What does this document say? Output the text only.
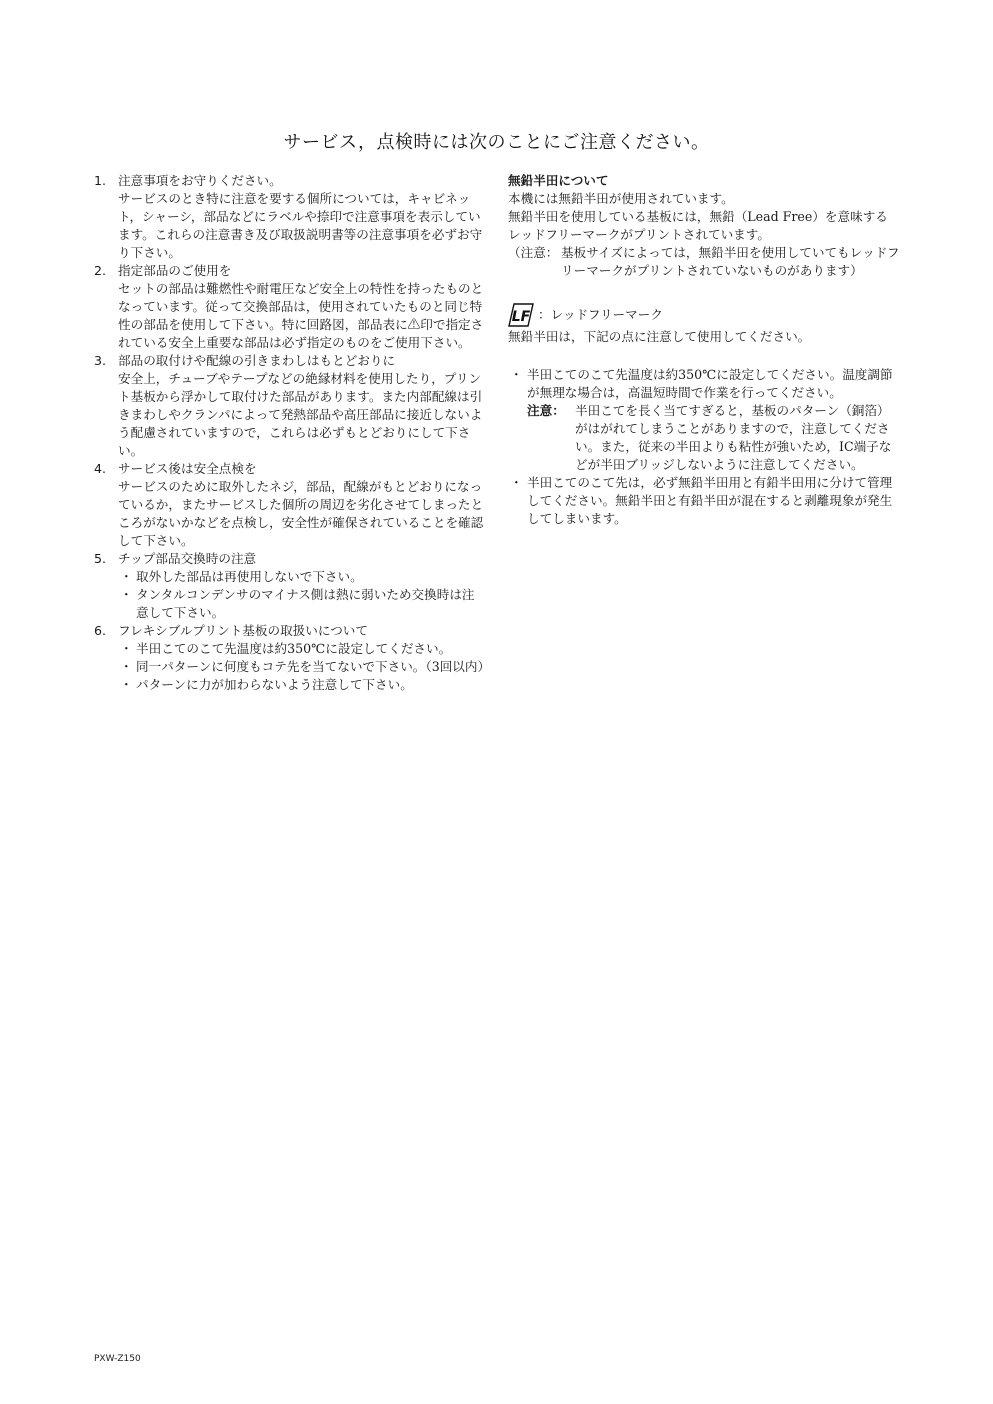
サービス，点検時には次のことにご注意ください。
1. 注意事項をお守りください。
サービスのとき特に注意を要する個所については，キャビネット，シャーシ，部品などにラベルや捺印で注意事項を表示しています。これらの注意書き及び取扱説明書等の注意事項を必ずお守り下さい。
2. 指定部品のご使用を
セットの部品は難燃性や耐電圧など安全上の特性を持ったものとなっています。従って交換部品は，使用されていたものと同じ特性の部品を使用して下さい。特に回路図，部品表に⚠印で指定されている安全上重要な部品は必ず指定のものをご使用下さい。
3. 部品の取付けや配線の引きまわしはもとどおりに
安全上，チューブやテープなどの絶縁材料を使用したり，プリント基板から浮かして取付けた部品があります。また内部配線は引きまわしやクランパによって発熱部品や高圧部品に接近しないよう配慮されていますので，これらは必ずもとどおりにして下さい。
4. サービス後は安全点検を
サービスのために取外したネジ，部品，配線がもとどおりになっているか，またサービスした個所の周辺を劣化させてしまったところがないかなどを点検し，安全性が確保されていることを確認して下さい。
5. チップ部品交換時の注意
・ 取外した部品は再使用しないで下さい。
・ タンタルコンデンサのマイナス側は熱に弱いため交換時は注意して下さい。
6. フレキシブルプリント基板の取扱いについて
・ 半田こてのこて先温度は約350℃に設定してください。
・ 同一パターンに何度もコテ先を当てないで下さい。（3回以内）
・ パターンに力が加わらないよう注意して下さい。
無鉛半田について
本機には無鉛半田が使用されています。
無鉛半田を使用している基板には，無鉛（Lead Free）を意味するレッドフリーマークがプリントされています。
（注意： 基板サイズによっては，無鉛半田を使用していてもレッドフリーマークがプリントされていないものがあります）
LF ：レッドフリーマーク
無鉛半田は，下記の点に注意して使用してください。
・ 半田こてのこて先温度は約350℃に設定してください。温度調節が無理な場合は，高温短時間で作業を行ってください。
注意： 半田こてを長く当てすぎると，基板のパターン（銅箔）がはがれてしまうことがありますので，注意してください。また，従来の半田よりも粘性が強いため，IC端子などが半田ブリッジしないように注意してください。
・ 半田こてのこて先は，必ず無鉛半田用と有鉛半田用に分けて管理してください。無鉛半田と有鉛半田が混在すると剥離現象が発生してしまいます。
PXW-Z150
